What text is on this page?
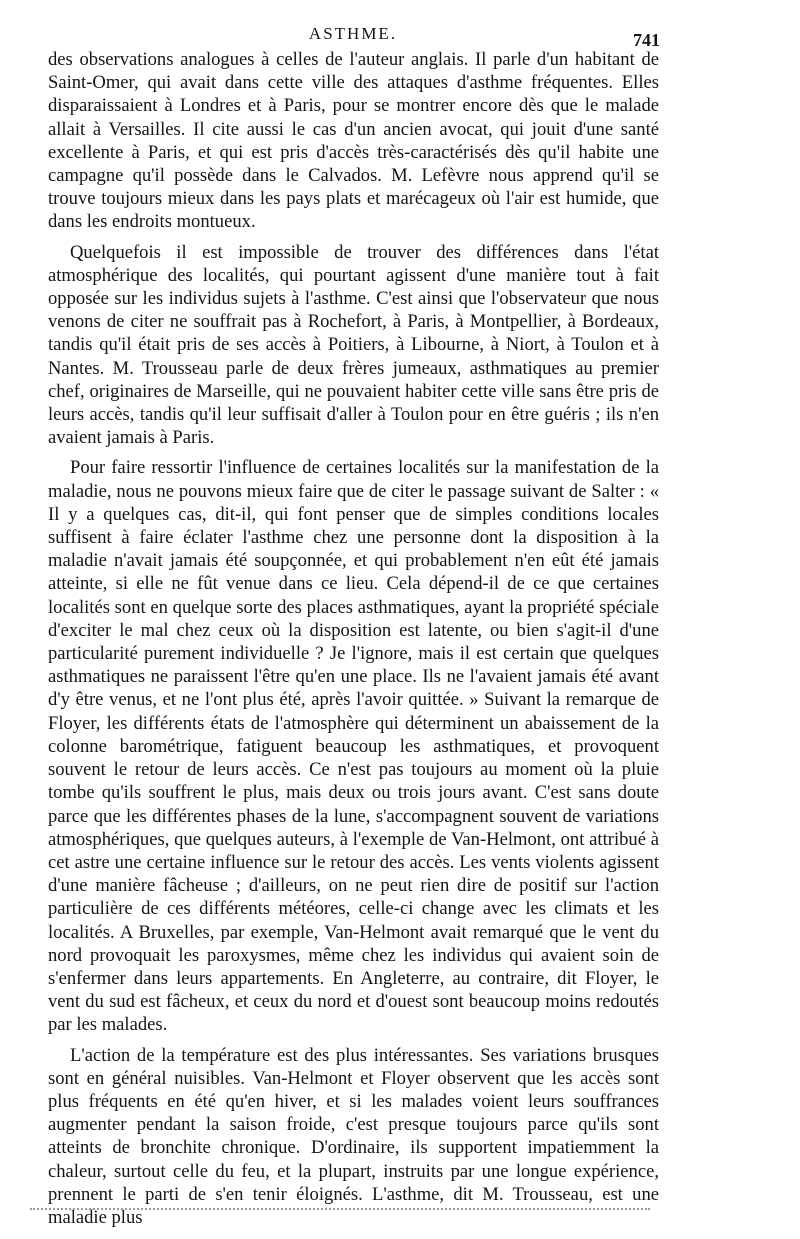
ASTHME.	741

des observations analogues à celles de l'auteur anglais. Il parle d'un habitant de Saint-Omer, qui avait dans cette ville des attaques d'asthme fréquentes. Elles disparaissaient à Londres et à Paris, pour se montrer encore dès que le malade allait à Versailles. Il cite aussi le cas d'un ancien avocat, qui jouit d'une santé excellente à Paris, et qui est pris d'accès très-caractérisés dès qu'il habite une campagne qu'il possède dans le Calvados. M. Lefèvre nous apprend qu'il se trouve toujours mieux dans les pays plats et marécageux où l'air est humide, que dans les endroits montueux.

Quelquefois il est impossible de trouver des différences dans l'état atmosphérique des localités, qui pourtant agissent d'une manière tout à fait opposée sur les individus sujets à l'asthme. C'est ainsi que l'observateur que nous venons de citer ne souffrait pas à Rochefort, à Paris, à Montpellier, à Bordeaux, tandis qu'il était pris de ses accès à Poitiers, à Libourne, à Niort, à Toulon et à Nantes. M. Trousseau parle de deux frères jumeaux, asthmatiques au premier chef, originaires de Marseille, qui ne pouvaient habiter cette ville sans être pris de leurs accès, tandis qu'il leur suffisait d'aller à Toulon pour en être guéris ; ils n'en avaient jamais à Paris.

Pour faire ressortir l'influence de certaines localités sur la manifestation de la maladie, nous ne pouvons mieux faire que de citer le passage suivant de Salter : « Il y a quelques cas, dit-il, qui font penser que de simples conditions locales suffisent à faire éclater l'asthme chez une personne dont la disposition à la maladie n'avait jamais été soupçonnée, et qui probablement n'en eût été jamais atteinte, si elle ne fût venue dans ce lieu. Cela dépend-il de ce que certaines localités sont en quelque sorte des places asthmatiques, ayant la propriété spéciale d'exciter le mal chez ceux où la disposition est latente, ou bien s'agit-il d'une particularité purement individuelle ? Je l'ignore, mais il est certain que quelques asthmatiques ne paraissent l'être qu'en une place. Ils ne l'avaient jamais été avant d'y être venus, et ne l'ont plus été, après l'avoir quittée. » Suivant la remarque de Floyer, les différents états de l'atmosphère qui déterminent un abaissement de la colonne barométrique, fatiguent beaucoup les asthmatiques, et provoquent souvent le retour de leurs accès. Ce n'est pas toujours au moment où la pluie tombe qu'ils souffrent le plus, mais deux ou trois jours avant. C'est sans doute parce que les différentes phases de la lune, s'accompagnent souvent de variations atmosphériques, que quelques auteurs, à l'exemple de Van-Helmont, ont attribué à cet astre une certaine influence sur le retour des accès. Les vents violents agissent d'une manière fâcheuse ; d'ailleurs, on ne peut rien dire de positif sur l'action particulière de ces différents météores, celle-ci change avec les climats et les localités. A Bruxelles, par exemple, Van-Helmont avait remarqué que le vent du nord provoquait les paroxysmes, même chez les individus qui avaient soin de s'enfermer dans leurs appartements. En Angleterre, au contraire, dit Floyer, le vent du sud est fâcheux, et ceux du nord et d'ouest sont beaucoup moins redoutés par les malades.

L'action de la température est des plus intéressantes. Ses variations brusques sont en général nuisibles. Van-Helmont et Floyer observent que les accès sont plus fréquents en été qu'en hiver, et si les malades voient leurs souffrances augmenter pendant la saison froide, c'est presque toujours parce qu'ils sont atteints de bronchite chronique. D'ordinaire, ils supportent impatiemment la chaleur, surtout celle du feu, et la plupart, instruits par une longue expérience, prennent le parti de s'en tenir éloignés. L'asthme, dit M. Trousseau, est une maladie plus
